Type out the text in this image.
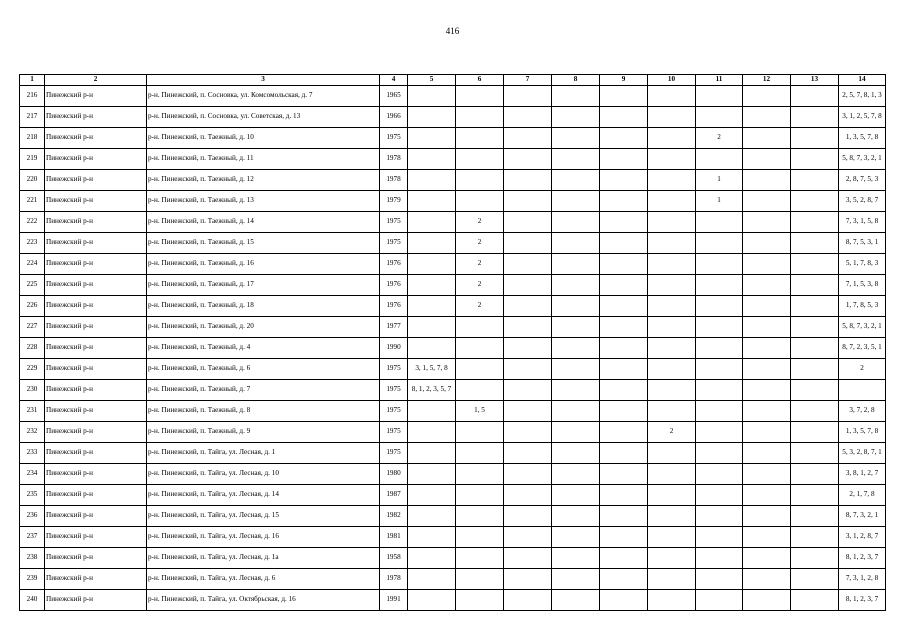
416
1	2	3	4	5	6	7	8	9	10	11	12	13	14
216	Пинежский р-н	р-н. Пинежский, п. Сосновка, ул. Комсомольская, д. 7	1965										2, 5, 7, 8, 1, 3
217	Пинежский р-н	р-н. Пинежский, п. Сосновка, ул. Советская, д. 13	1966										3, 1, 2, 5, 7, 8
218	Пинежский р-н	р-н. Пинежский, п. Таежный, д. 10	1975							2			1, 3, 5, 7, 8
219	Пинежский р-н	р-н. Пинежский, п. Таежный, д. 11	1978										5, 8, 7, 3, 2, 1
220	Пинежский р-н	р-н. Пинежский, п. Таежный, д. 12	1978							1			2, 8, 7, 5, 3
221	Пинежский р-н	р-н. Пинежский, п. Таежный, д. 13	1979							1			3, 5, 2, 8, 7
222	Пинежский р-н	р-н. Пинежский, п. Таежный, д. 14	1975		2								7, 3, 1, 5, 8
223	Пинежский р-н	р-н. Пинежский, п. Таежный, д. 15	1975		2								8, 7, 5, 3, 1
224	Пинежский р-н	р-н. Пинежский, п. Таежный, д. 16	1976		2								5, 1, 7, 8, 3
225	Пинежский р-н	р-н. Пинежский, п. Таежный, д. 17	1976		2								7, 1, 5, 3, 8
226	Пинежский р-н	р-н. Пинежский, п. Таежный, д. 18	1976		2								1, 7, 8, 5, 3
227	Пинежский р-н	р-н. Пинежский, п. Таежный, д. 20	1977										5, 8, 7, 3, 2, 1
228	Пинежский р-н	р-н. Пинежский, п. Таежный, д. 4	1990										8, 7, 2, 3, 5, 1
229	Пинежский р-н	р-н. Пинежский, п. Таежный, д. 6	1975	3, 1, 5, 7, 8									2
230	Пинежский р-н	р-н. Пинежский, п. Таежный, д. 7	1975	8, 1, 2, 3, 5, 7									
231	Пинежский р-н	р-н. Пинежский, п. Таежный, д. 8	1975		1, 5								3, 7, 2, 8
232	Пинежский р-н	р-н. Пинежский, п. Таежный, д. 9	1975						2				1, 3, 5, 7, 8
233	Пинежский р-н	р-н. Пинежский, п. Тайга, ул. Лесная, д. 1	1975										5, 3, 2, 8, 7, 1
234	Пинежский р-н	р-н. Пинежский, п. Тайга, ул. Лесная, д. 10	1980										3, 8, 1, 2, 7
235	Пинежский р-н	р-н. Пинежский, п. Тайга, ул. Лесная, д. 14	1987										2, 1, 7, 8
236	Пинежский р-н	р-н. Пинежский, п. Тайга, ул. Лесная, д. 15	1982										8, 7, 3, 2, 1
237	Пинежский р-н	р-н. Пинежский, п. Тайга, ул. Лесная, д. 16	1981										3, 1, 2, 8, 7
238	Пинежский р-н	р-н. Пинежский, п. Тайга, ул. Лесная, д. 1а	1958										8, 1, 2, 3, 7
239	Пинежский р-н	р-н. Пинежский, п. Тайга, ул. Лесная, д. 6	1978										7, 3, 1, 2, 8
240	Пинежский р-н	р-н. Пинежский, п. Тайга, ул. Октябрьская, д. 16	1991										8, 1, 2, 3, 7
